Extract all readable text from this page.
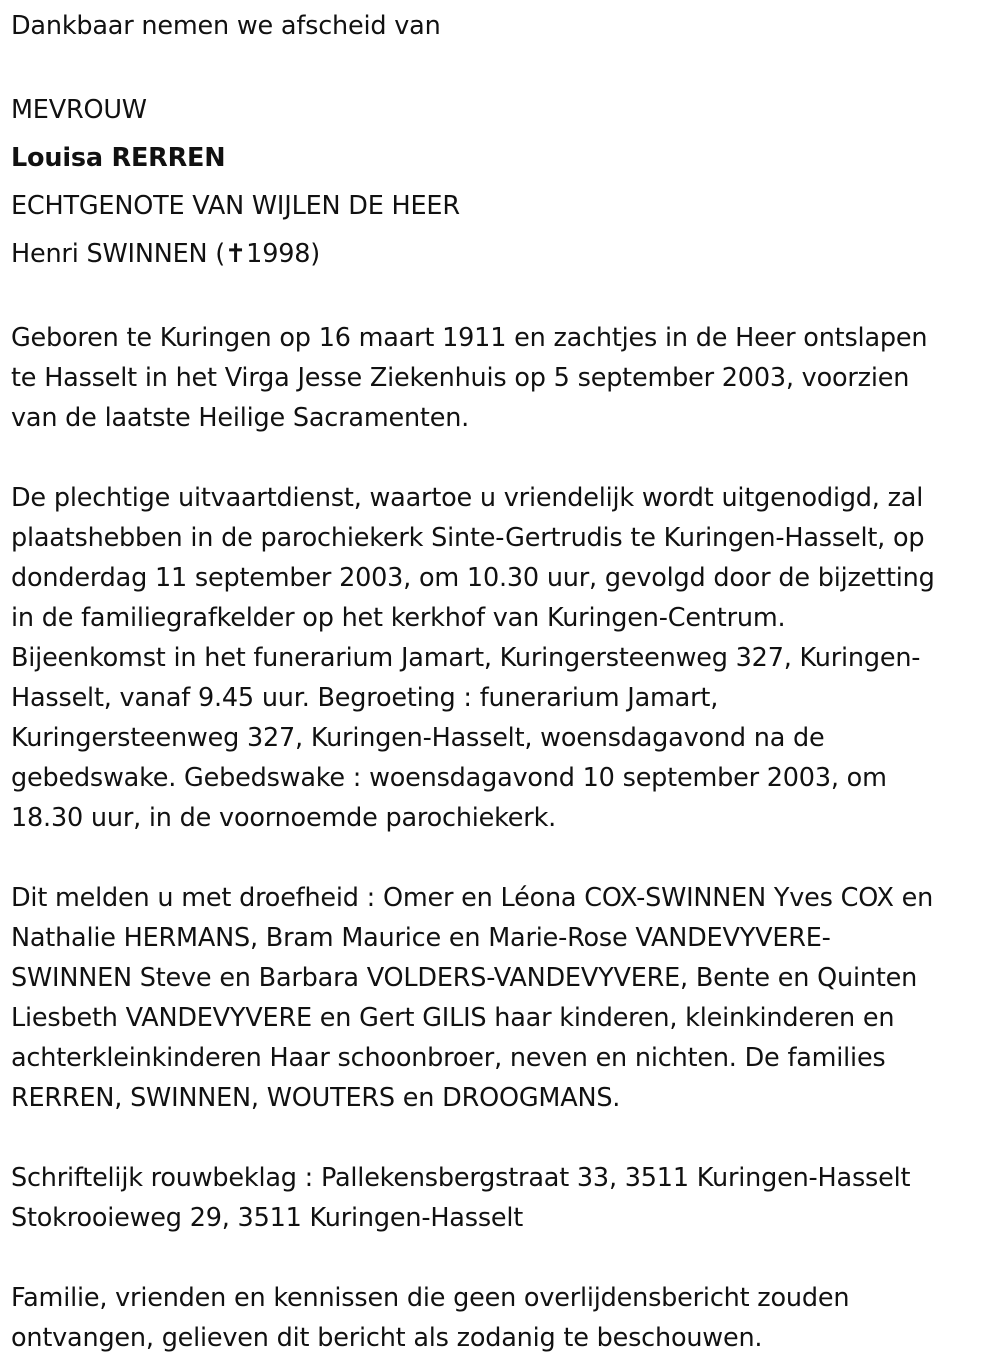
Dankbaar nemen we afscheid van

MEVROUW

Louisa RERREN

ECHTGENOTE VAN WIJLEN DE HEER

Henri SWINNEN (✝1998)

Geboren te Kuringen op 16 maart 1911 en zachtjes in de Heer ontslapen

te Hasselt in het Virga Jesse Ziekenhuis op 5 september 2003, voorzien

van de laatste Heilige Sacramenten.

De plechtige uitvaartdienst, waartoe u vriendelijk wordt uitgenodigd, zal

plaatshebben in de parochiekerk Sinte-Gertrudis te Kuringen-Hasselt, op

donderdag 11 september 2003, om 10.30 uur, gevolgd door de bijzetting

in de familiegrafkelder op het kerkhof van Kuringen-Centrum.

Bijeenkomst in het funerarium Jamart, Kuringersteenweg 327, Kuringen-

Hasselt, vanaf 9.45 uur. Begroeting : funerarium Jamart,

Kuringersteenweg 327, Kuringen-Hasselt, woensdagavond na de

gebedswake. Gebedswake : woensdagavond 10 september 2003, om

18.30 uur, in de voornoemde parochiekerk.

Dit melden u met droefheid : Omer en Léona COX-SWINNEN Yves COX en

Nathalie HERMANS, Bram Maurice en Marie-Rose VANDEVYVERE-

SWINNEN Steve en Barbara VOLDERS-VANDEVYVERE, Bente en Quinten

Liesbeth VANDEVYVERE en Gert GILIS haar kinderen, kleinkinderen en

achterkleinkinderen Haar schoonbroer, neven en nichten. De families

RERREN, SWINNEN, WOUTERS en DROOGMANS.

Schriftelijk rouwbeklag : Pallekensbergstraat 33, 3511 Kuringen-Hasselt

Stokrooieweg 29, 3511 Kuringen-Hasselt

Familie, vrienden en kennissen die geen overlijdensbericht zouden

ontvangen, gelieven dit bericht als zodanig te beschouwen.
